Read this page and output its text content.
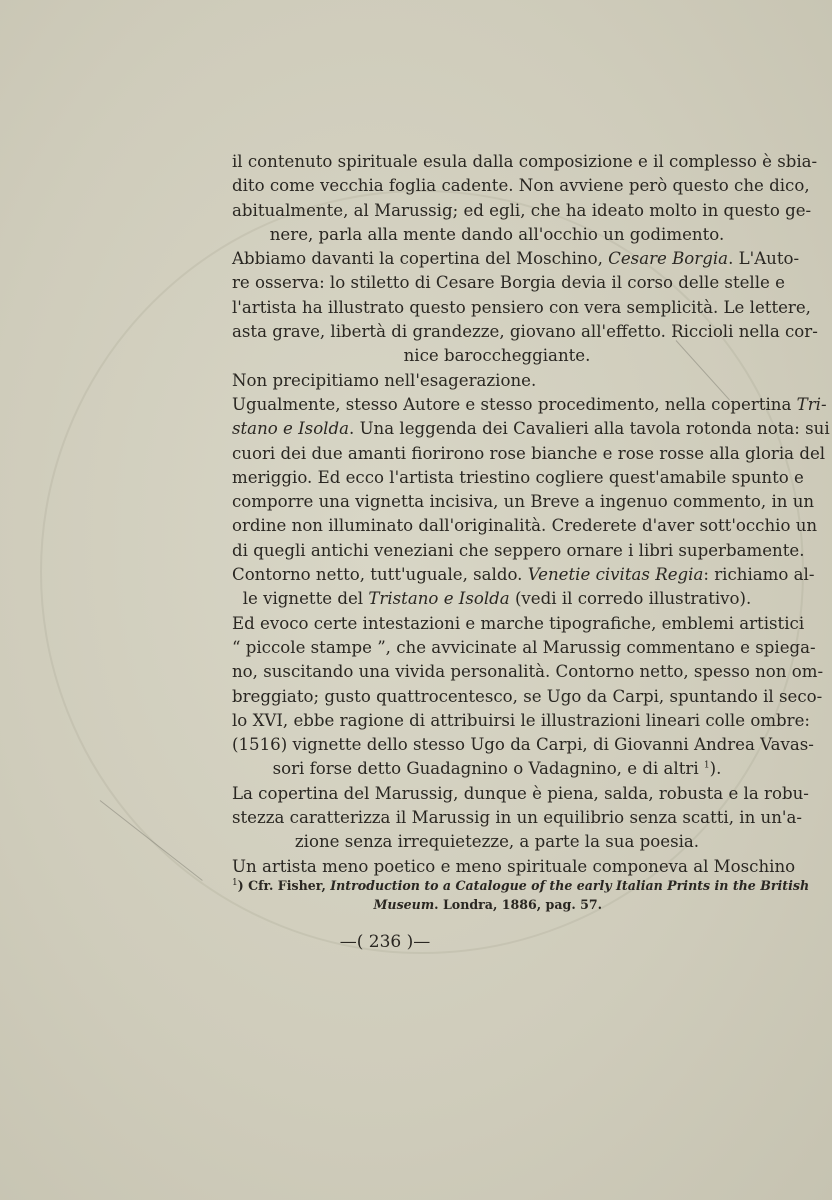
il contenuto spirituale esula dalla composizione e il complesso è sbia-
dito come vecchia foglia cadente. Non avviene però questo che dico,
abitualmente, al Marussig; ed egli, che ha ideato molto in questo ge-
nere, parla alla mente dando all'occhio un godimento.
Abbiamo davanti la copertina del Moschino, Cesare Borgia. L'Auto-
re osserva: lo stiletto di Cesare Borgia devia il corso delle stelle e
l'artista ha illustrato questo pensiero con vera semplicità. Le lettere,
asta grave, libertà di grandezze, giovano all'effetto. Riccioli nella cor-
nice baroccheggiante.
Non precipitiamo nell'esagerazione.
Ugualmente, stesso Autore e stesso procedimento, nella copertina Tri-
stano e Isolda. Una leggenda dei Cavalieri alla tavola rotonda nota: sui
cuori dei due amanti fiorirono rose bianche e rose rosse alla gloria del
meriggio. Ed ecco l'artista triestino cogliere quest'amabile spunto e
comporre una vignetta incisiva, un Breve a ingenuo commento, in un
ordine non illuminato dall'originalità. Crederete d'aver sott'occhio un
di quegli antichi veneziani che seppero ornare i libri superbamente.
Contorno netto, tutt'uguale, saldo. Venetie civitas Regia: richiamo al-
le vignette del Tristano e Isolda (vedi il corredo illustrativo).
Ed evoco certe intestazioni e marche tipografiche, emblemi artistici
“ piccole stampe ”, che avvicinate al Marussig commentano e spiega-
no, suscitando una vivida personalità. Contorno netto, spesso non om-
breggiato; gusto quattrocentesco, se Ugo da Carpi, spuntando il seco-
lo XVI, ebbe ragione di attribuirsi le illustrazioni lineari colle ombre:
(1516) vignette dello stesso Ugo da Carpi, di Giovanni Andrea Vavas-
sori forse detto Guadagnino o Vadagnino, e di altri $^1$).
La copertina del Marussig, dunque è piena, salda, robusta e la robu-
stezza caratterizza il Marussig in un equilibrio senza scatti, in un'a-
zione senza irrequietezze, a parte la sua poesia.
Un artista meno poetico e meno spirituale componeva al Moschino
$^1$) Cfr. Fisher, Introduction to a Catalogue of the early Italian Prints in the British
Museum. Londra, 1886, pag. 57.
—( 236 )—
